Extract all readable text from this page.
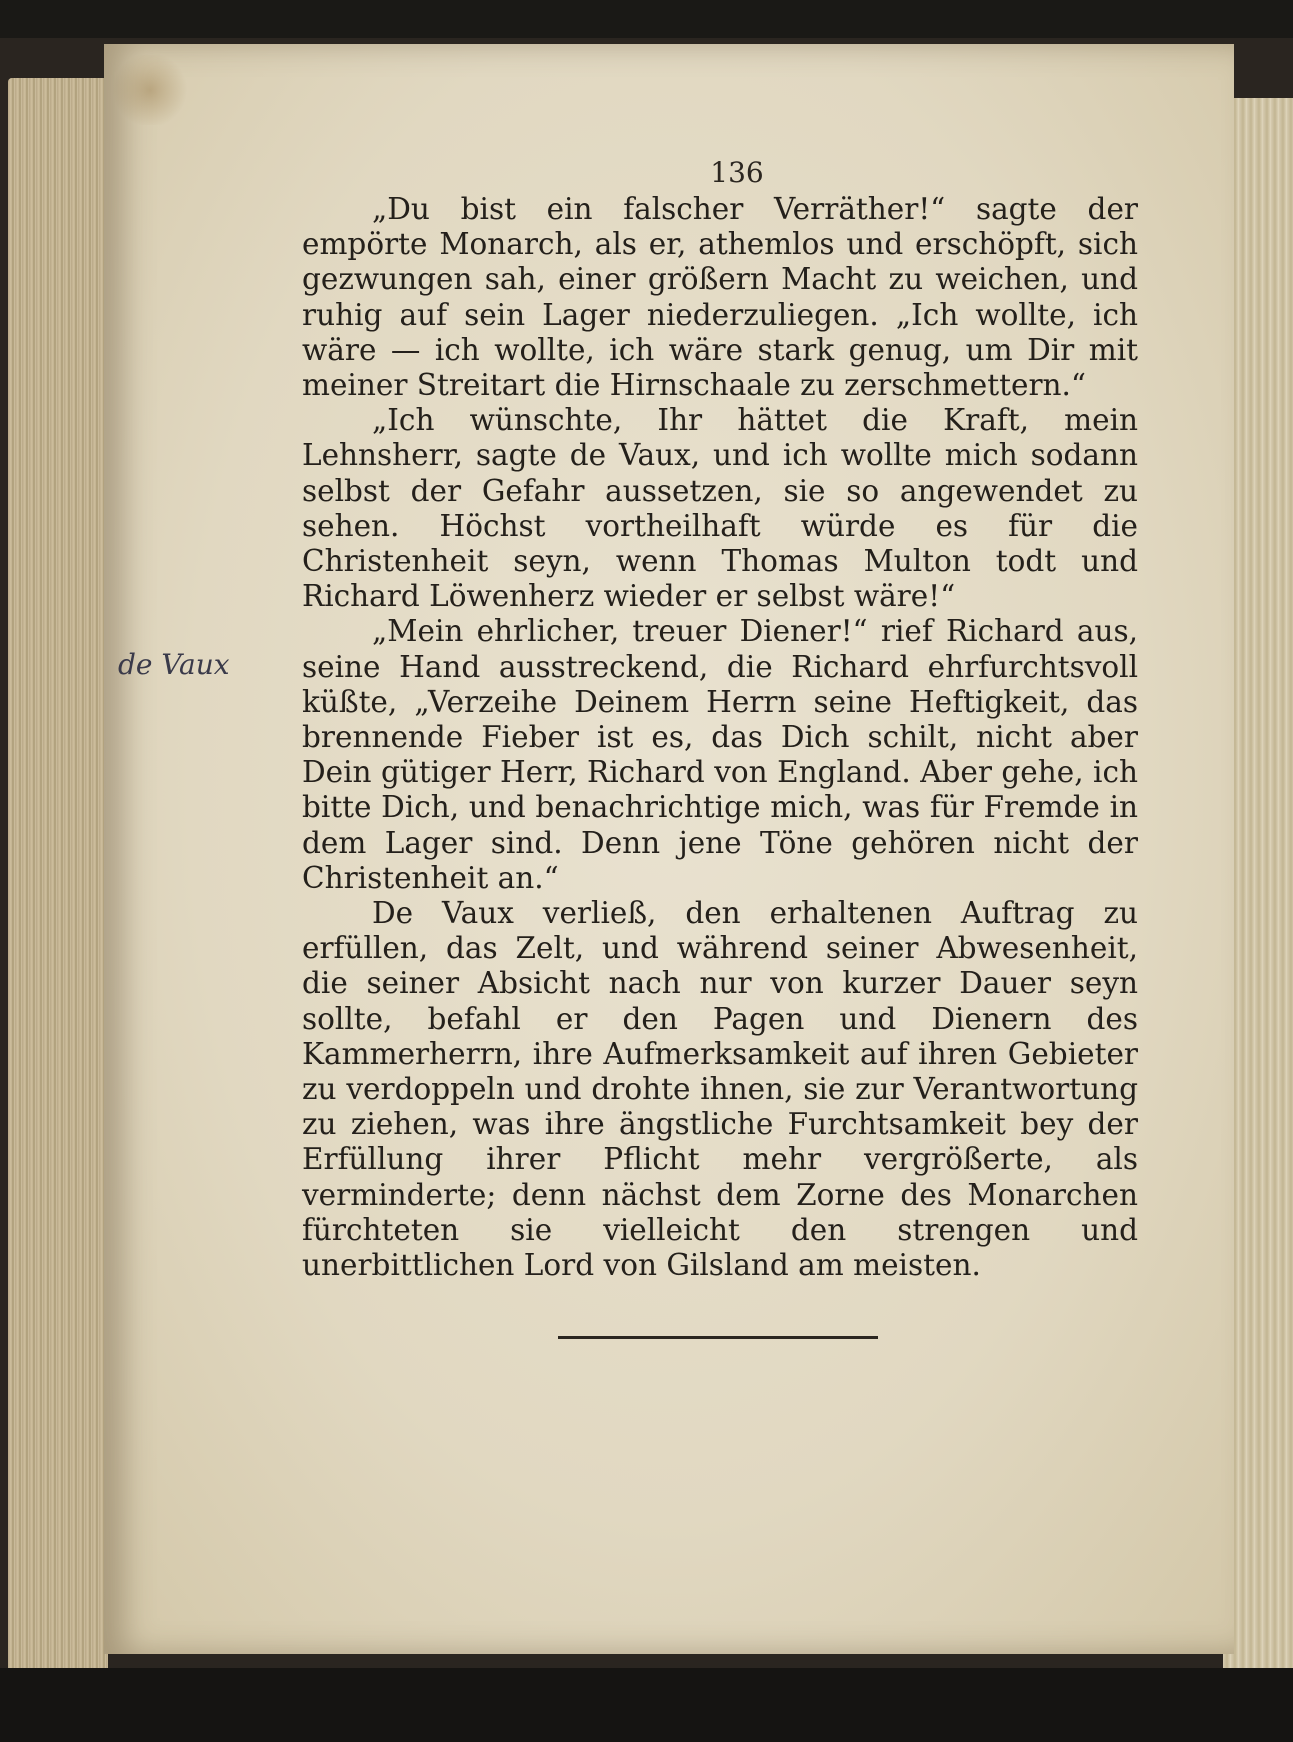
136
de Vaux

„Du bist ein falscher Verräther!“ sagte der empörte Monarch, als er, athemlos und erschöpft, sich gezwungen sah, einer größern Macht zu weichen, und ruhig auf sein Lager niederzuliegen. „Ich wollte, ich wäre — ich wollte, ich wäre stark genug, um Dir mit meiner Streitart die Hirnschaale zu zerschmettern.“

„Ich wünschte, Ihr hättet die Kraft, mein Lehnsherr, sagte de Vaux, und ich wollte mich sodann selbst der Gefahr aussetzen, sie so angewendet zu sehen. Höchst vortheilhaft würde es für die Christenheit seyn, wenn Thomas Multon todt und Richard Löwenherz wieder er selbst wäre!“

„Mein ehrlicher, treuer Diener!“ rief Richard aus, seine Hand ausstreckend, die Richard ehrfurchtsvoll küßte, „Verzeihe Deinem Herrn seine Heftigkeit, das brennende Fieber ist es, das Dich schilt, nicht aber Dein gütiger Herr, Richard von England. Aber gehe, ich bitte Dich, und benachrichtige mich, was für Fremde in dem Lager sind. Denn jene Töne gehören nicht der Christenheit an.“

De Vaux verließ, den erhaltenen Auftrag zu erfüllen, das Zelt, und während seiner Abwesenheit, die seiner Absicht nach nur von kurzer Dauer seyn sollte, befahl er den Pagen und Dienern des Kammerherrn, ihre Aufmerksamkeit auf ihren Gebieter zu verdoppeln und drohte ihnen, sie zur Verantwortung zu ziehen, was ihre ängstliche Furchtsamkeit bey der Erfüllung ihrer Pflicht mehr vergrößerte, als verminderte; denn nächst dem Zorne des Monarchen fürchteten sie vielleicht den strengen und unerbittlichen Lord von Gilsland am meisten.
